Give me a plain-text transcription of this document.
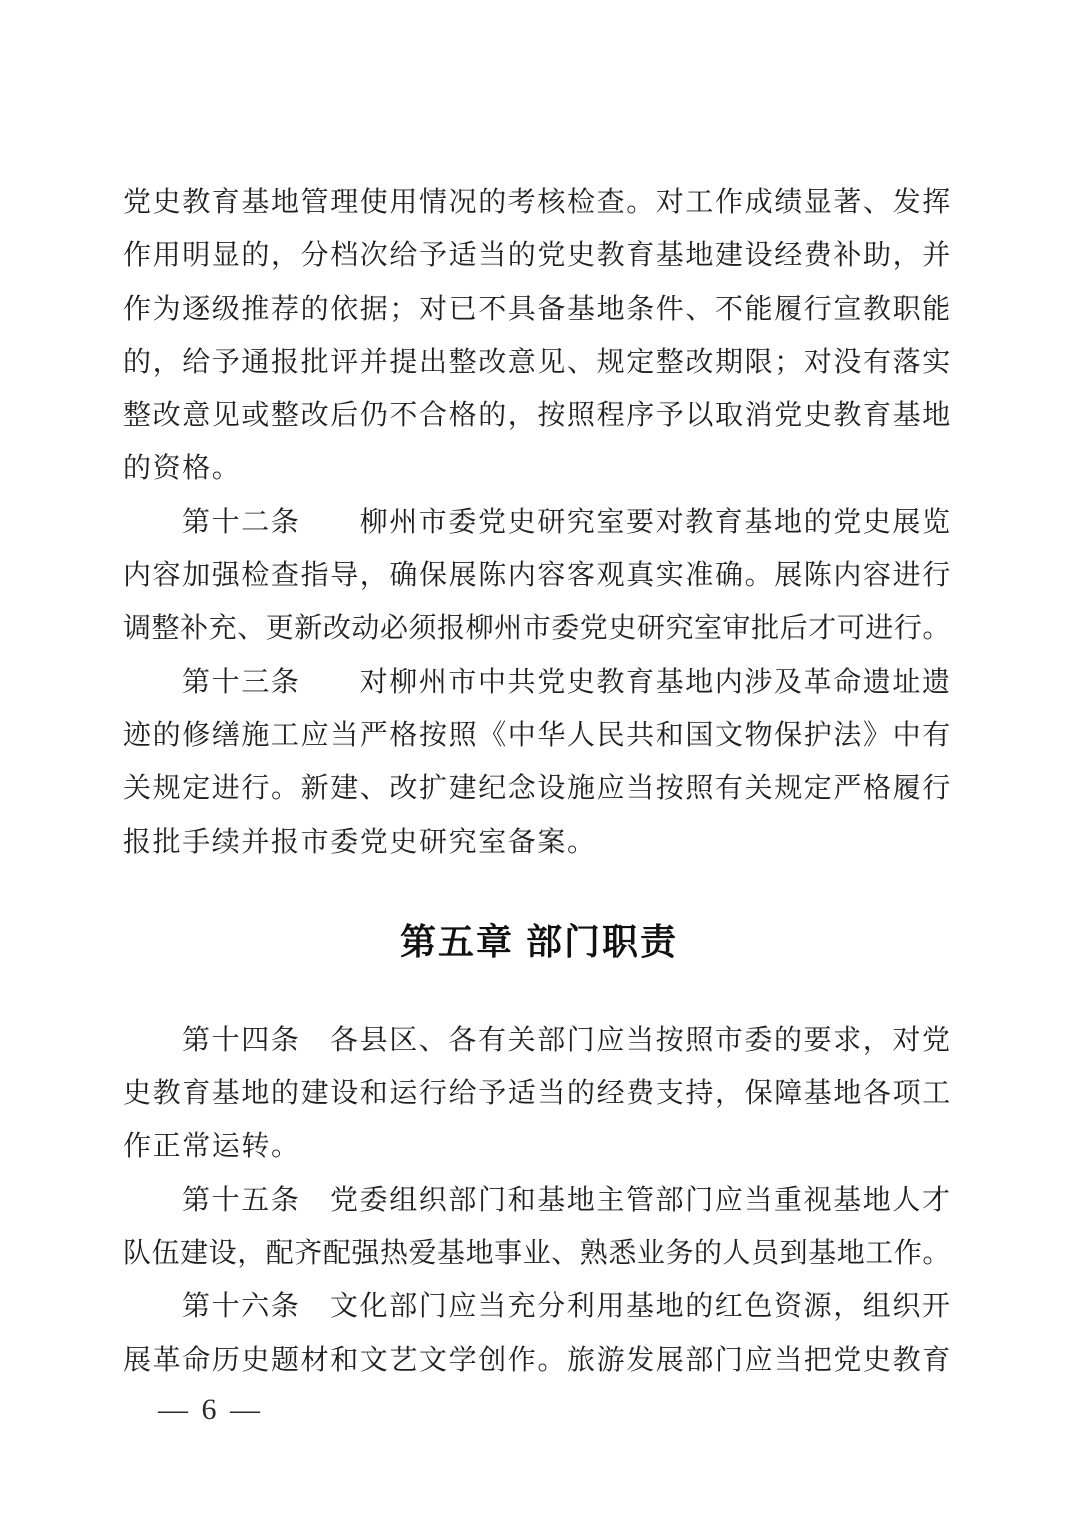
党史教育基地管理使用情况的考核检查。对工作成绩显著、发挥
作用明显的，分档次给予适当的党史教育基地建设经费补助，并
作为逐级推荐的依据；对已不具备基地条件、不能履行宣教职能
的，给予通报批评并提出整改意见、规定整改期限；对没有落实
整改意见或整改后仍不合格的，按照程序予以取消党史教育基地
的资格。
第十二条　　柳州市委党史研究室要对教育基地的党史展览
内容加强检查指导，确保展陈内容客观真实准确。展陈内容进行
调整补充、更新改动必须报柳州市委党史研究室审批后才可进行。
第十三条　　对柳州市中共党史教育基地内涉及革命遗址遗
迹的修缮施工应当严格按照《中华人民共和国文物保护法》中有
关规定进行。新建、改扩建纪念设施应当按照有关规定严格履行
报批手续并报市委党史研究室备案。
第五章 部门职责
第十四条　各县区、各有关部门应当按照市委的要求，对党
史教育基地的建设和运行给予适当的经费支持，保障基地各项工
作正常运转。
第十五条　党委组织部门和基地主管部门应当重视基地人才
队伍建设，配齐配强热爱基地事业、熟悉业务的人员到基地工作。
第十六条　文化部门应当充分利用基地的红色资源，组织开
展革命历史题材和文艺文学创作。旅游发展部门应当把党史教育
— 6 —
